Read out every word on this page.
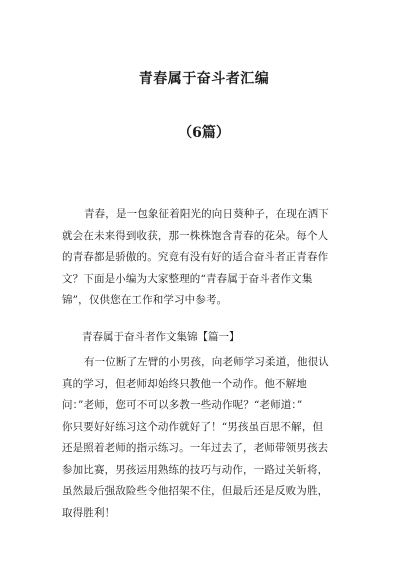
青春属于奋斗者汇编
（6篇）
青春，是一包象征着阳光的向日葵种子，在现在洒下
就会在未来得到收获，那一株株饱含青春的花朵。每个人
的青春都是骄傲的。究竟有没有好的适合奋斗者正青春作
文？下面是小编为大家整理的“青春属于奋斗者作文集
锦”，仅供您在工作和学习中参考。
青春属于奋斗者作文集锦【篇一】
有一位断了左臂的小男孩，向老师学习柔道，他很认
真的学习，但老师却始终只教他一个动作。他不解地
问：”老师，您可不可以多教一些动作呢？“老师道：”
你只要好好练习这个动作就好了！“男孩虽百思不解，但
还是照着老师的指示练习。一年过去了，老师带领男孩去
参加比赛，男孩运用熟练的技巧与动作，一路过关斩将，
虽然最后强敌险些令他招架不住，但最后还是反败为胜，
取得胜利！
